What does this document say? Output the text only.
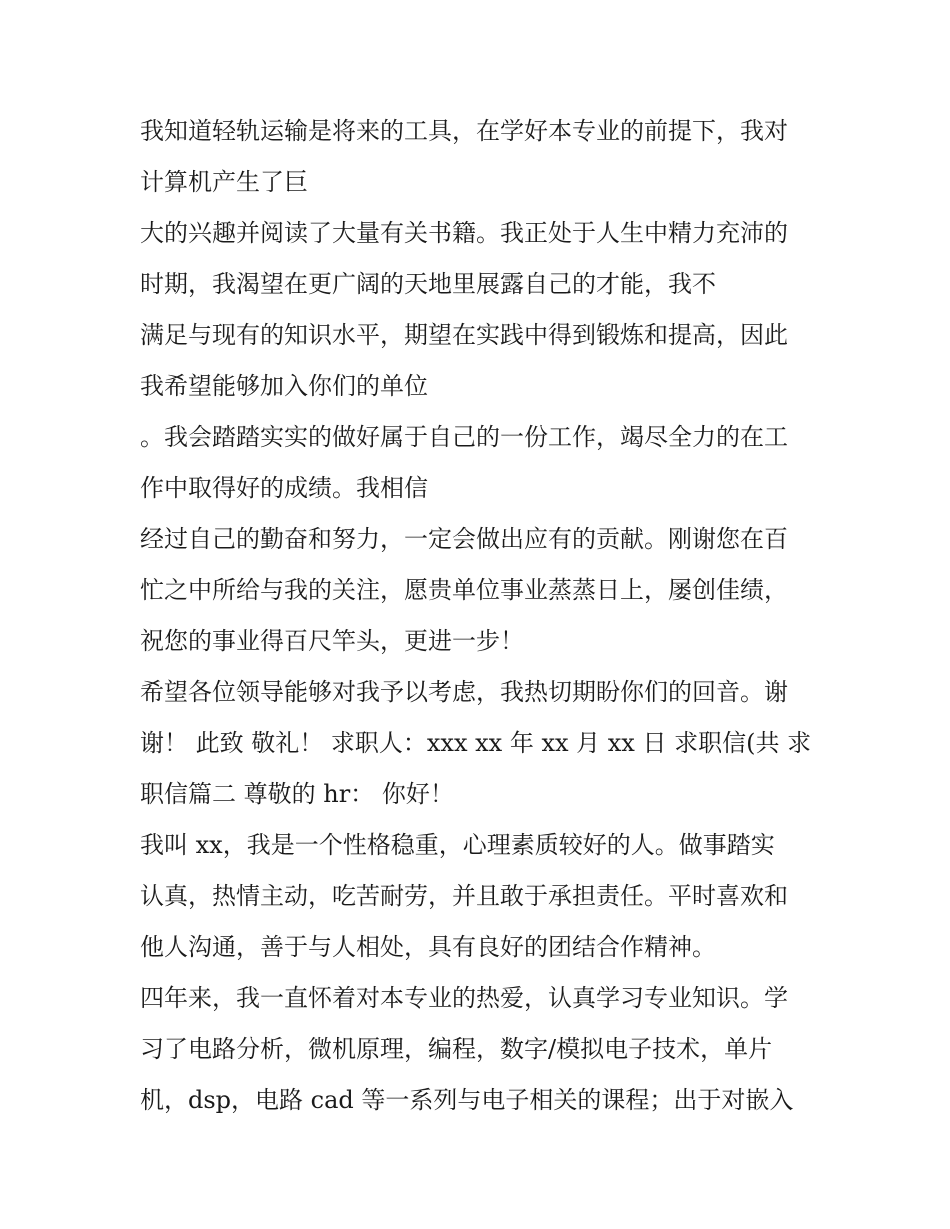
我知道轻轨运输是将来的工具，在学好本专业的前提下，我对
计算机产生了巨
大的兴趣并阅读了大量有关书籍。我正处于人生中精力充沛的
时期，我渴望在更广阔的天地里展露自己的才能，我不
满足与现有的知识水平，期望在实践中得到锻炼和提高，因此
我希望能够加入你们的单位
。我会踏踏实实的做好属于自己的一份工作，竭尽全力的在工
作中取得好的成绩。我相信
经过自己的勤奋和努力，一定会做出应有的贡献。刚谢您在百
忙之中所给与我的关注，愿贵单位事业蒸蒸日上，屡创佳绩，
祝您的事业得百尺竿头，更进一步！
希望各位领导能够对我予以考虑，我热切期盼你们的回音。谢
谢！ 此致 敬礼！ 求职人：xxx xx 年 xx 月 xx 日 求职信(共 求
职信篇二 尊敬的 hr： 你好！
我叫 xx，我是一个性格稳重，心理素质较好的人。做事踏实
认真，热情主动，吃苦耐劳，并且敢于承担责任。平时喜欢和
他人沟通，善于与人相处，具有良好的团结合作精神。
四年来，我一直怀着对本专业的热爱，认真学习专业知识。学
习了电路分析，微机原理，编程，数字/模拟电子技术，单片
机，dsp，电路 cad 等一系列与电子相关的课程；出于对嵌入
